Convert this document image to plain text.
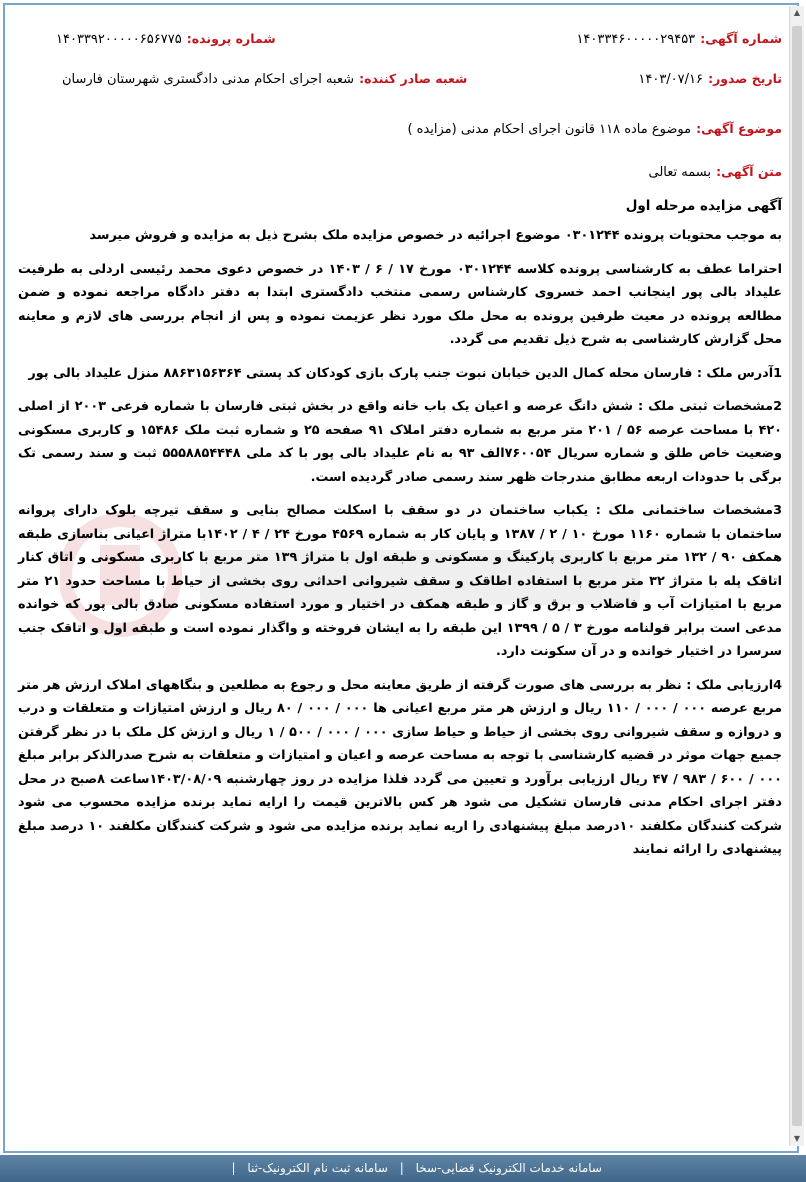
▲
▼
شماره آگهی: ۱۴۰۳۳۴۶۰۰۰۰۰۲۹۴۵۳
شماره پرونده: ۱۴۰۳۳۹۲۰۰۰۰۰۶۵۶۷۷۵
تاریخ صدور: ۱۴۰۳/۰۷/۱۶
شعبه صادر کننده: شعبه اجرای احکام مدنی دادگستری شهرستان فارسان
موضوع آگهی: موضوع ماده ۱۱۸ قانون اجرای احکام مدنی (مزایده )
متن آگهی: بسمه تعالی
آگهی مزایده مرحله اول
به موجب محتویات پرونده ۰۳۰۱۲۴۴ موضوع اجرائیه در خصوص مزایده ملک بشرح ذیل به مزایده و فروش میرسد
احتراما عطف به کارشناسی پرونده کلاسه ۰۳۰۱۲۴۴ مورخ ۱۷ / ۶ / ۱۴۰۳ در خصوص دعوی محمد رئیسی اردلی به طرفیت علیداد بالی پور اینجانب احمد خسروی کارشناس رسمی منتخب دادگستری ابتدا به دفتر دادگاه مراجعه نموده و ضمن مطالعه پرونده در معیت طرفین پرونده به محل ملک مورد نظر عزیمت نموده و پس از انجام بررسی های لازم و معاینه محل گزارش کارشناسی به شرح ذیل تقدیم می گردد.
1آدرس ملک : فارسان محله کمال الدین خیابان نبوت جنب پارک بازی کودکان کد پستی ۸۸۶۳۱۵۶۳۶۴ منزل علیداد بالی پور
2مشخصات ثبتی ملک : شش دانگ عرصه و اعیان یک باب خانه واقع در بخش ثبتی فارسان با شماره فرعی ۲۰۰۳ از اصلی ۴۲۰ با مساحت عرصه ۵۶ / ۲۰۱ متر مربع به شماره دفتر املاک ۹۱ صفحه ۲۵ و شماره ثبت ملک ۱۵۴۸۶ و کاربری مسکونی وضعیت خاص طلق و شماره سریال ۷۶۰۰۵۴الف ۹۳ به نام علیداد بالی پور با کد ملی ۵۵۵۸۸۵۴۴۴۸ ثبت و سند رسمی تک برگی با حدودات اربعه مطابق مندرجات ظهر سند رسمی صادر گردیده است.
3مشخصات ساختمانی ملک : یکباب ساختمان در دو سقف با اسکلت مصالح بنایی و سقف تیرچه بلوک دارای پروانه ساختمان با شماره ۱۱۶۰ مورخ ۱۰ / ۲ / ۱۳۸۷ و پایان کار به شماره ۴۵۶۹ مورخ ۲۴ / ۴ / ۱۴۰۲با متراژ اعیانی بناسازی طبقه همکف ۹۰ / ۱۳۲ متر مربع با کاربری پارکینگ و مسکونی و طبقه اول با متراژ ۱۳۹ متر مربع با کاربری مسکونی و اتاق کنار اتاقک پله با متراژ ۳۲ متر مربع با استفاده اطاقک و سقف شیروانی احداثی روی بخشی از حیاط با مساحت حدود ۲۱ متر مربع با امتیازات آب و فاضلاب و برق و گاز و طبقه همکف در اختیار و مورد استفاده مسکونی صادق بالی پور که خوانده مدعی است برابر قولنامه مورخ ۳ / ۵ / ۱۳۹۹ این طبقه را به ایشان فروخته و واگذار نموده است و طبقه اول و اتاقک جنب سرسرا در اختیار خوانده و در آن سکونت دارد.
4ارزیابی ملک : نظر به بررسی های صورت گرفته از طریق معاینه محل و رجوع به مطلعین و بنگاههای املاک ارزش هر متر مربع عرصه ۰۰۰ / ۰۰۰ / ۱۱۰ ریال و ارزش هر متر مربع اعیانی ها ۰۰۰ / ۰۰۰ / ۸۰ ریال و ارزش امتیازات و متعلقات و درب و دروازه و سقف شیروانی روی بخشی از حیاط و حیاط سازی ۰۰۰ / ۰۰۰ / ۵۰۰ / ۱ ریال و ارزش کل ملک با در نظر گرفتن جمیع جهات موثر در قضیه کارشناسی با توجه به مساحت عرصه و اعیان و امتیازات و متعلقات به شرح صدرالذکر برابر مبلغ ۰۰۰ / ۶۰۰ / ۹۸۳ / ۴۷ ریال ارزیابی برآورد و تعیین می گردد فلذا مزایده در روز چهارشنبه ۱۴۰۳/۰۸/۰۹ساعت ۸صبح در محل دفتر اجرای احکام مدنی فارسان تشکیل می شود هر کس بالاترین قیمت را ارایه نماید برنده مزایده محسوب می شود شرکت کنندگان مکلفند ۱۰درصد مبلغ پیشنهادی را اریه نماید برنده مزایده می شود و شرکت کنندگان مکلفند ۱۰ درصد مبلغ پیشنهادی را ارائه نمایند
سامانه خدمات الکترونیک قضایی-سخا | سامانه ثبت نام الکترونیک-ثنا |
